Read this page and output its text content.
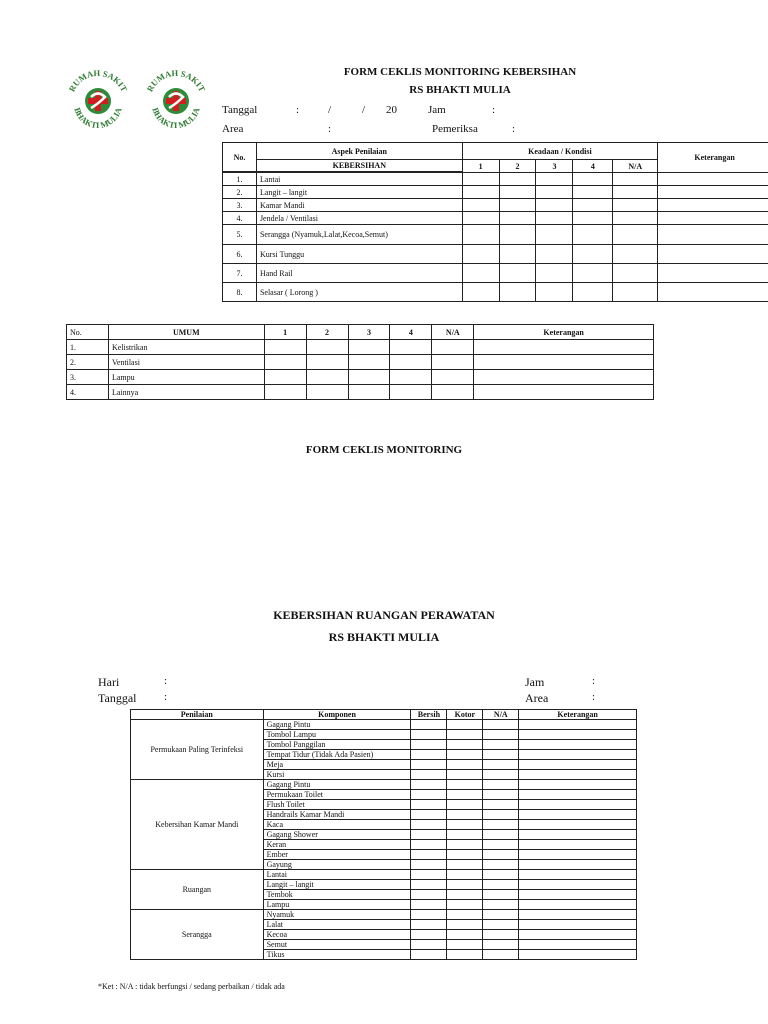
RUMAH SAKIT
BHAKTI MULIA
RUMAH SAKIT
BHAKTI MULIA
FORM CEKLIS MONITORING KEBERSIHAN
RS BHAKTI MULIA
Tanggal	:	/	/ 20	Jam	:
Area	:	Pemeriksa	:
No.	Aspek Penilaian	Keadaan / Kondisi					Keterangan
	KEBERSIHAN	1	2	3	4	N/A	

1.	Lantai						
2.	Langit – langit						
3.	Kamar Mandi						
4.	Jendela / Ventilasi						
5.	Serangga (Nyamuk,Lalat,Kecoa,Semut)						
6.	Kursi Tunggu						
7.	Hand Rail						
8.	Selasar ( Lorong )						
No.	UMUM	1	2	3	4	N/A	Keterangan
1.	Kelistrikan						
2.	Ventilasi						
3.	Lampu						
4.	Lainnya						
FORM CEKLIS MONITORING
KEBERSIHAN RUANGAN PERAWATAN
RS BHAKTI MULIA
Hari	:
Tanggal	:
Jam	:
Area	:
Penilaian	Komponen	Bersih	Kotor	N/A	Keterangan
Permukaan Paling Terinfeksi	Gagang Pintu				
	Tombol Lampu				
	Tombol Panggilan				
	Tempat Tidur (Tidak Ada Pasien)				
	Meja				
	Kursi				
Kebersihan Kamar Mandi	Gagang Pintu				
	Permukaan Toilet				
	Flush Toilet				
	Handrails Kamar Mandi				
	Kaca				
	Gagang Shower				
	Keran				
	Ember				
	Gayung				
Ruangan	Lantai				
	Langit – langit				
	Tembok				
	Lampu				
Serangga	Nyamuk				
	Lalat				
	Kecoa				
	Semut				
	Tikus				
*Ket : N/A : tidak berfungsi / sedang perbaikan / tidak ada
